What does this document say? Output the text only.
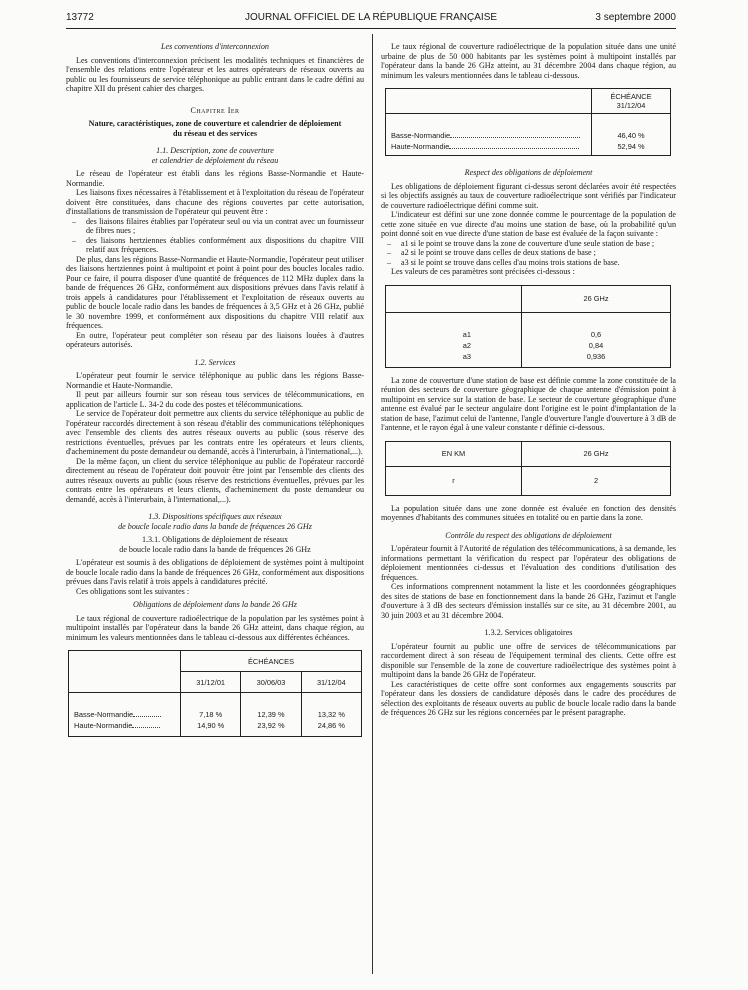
13772	JOURNAL OFFICIEL DE LA RÉPUBLIQUE FRANÇAISE	3 septembre 2000

Les conventions d'interconnexion

Les conventions d'interconnexion précisent les modalités techniques et financières de l'ensemble des relations entre l'opérateur et les autres opérateurs de réseaux ouverts au public ou les fournisseurs de service téléphonique au public entrant dans le cadre défini au chapitre XII du présent cahier des charges.

Chapitre Ier

Nature, caractéristiques, zone de couverture et calendrier de déploiement du réseau et des services

1.1. Description, zone de couverture

et calendrier de déploiement du réseau

Le réseau de l'opérateur est établi dans les régions Basse-Normandie et Haute-Normandie.

Les liaisons fixes nécessaires à l'établissement et à l'exploitation du réseau de l'opérateur doivent être constituées, dans chacune des régions couvertes par cette autorisation, d'installations de transmission de l'opérateur qui peuvent être :

– des liaisons filaires établies par l'opérateur seul ou via un contrat avec un fournisseur de fibres nues ;
– des liaisons hertziennes établies conformément aux dispositions du chapitre VIII relatif aux fréquences.

De plus, dans les régions Basse-Normandie et Haute-Normandie, l'opérateur peut utiliser des liaisons hertziennes point à multipoint et point à point pour des boucles locales radio. Pour ce faire, il pourra disposer d'une quantité de fréquences de 112 MHz duplex dans la bande de fréquences 26 GHz, conformément aux dispositions prévues dans l'avis relatif à trois appels à candidatures pour l'établissement et l'exploitation de réseaux ouverts au public de boucle locale radio dans les bandes de fréquences à 3,5 GHz et à 26 GHz, publié le 30 novembre 1999, et conformément aux dispositions du chapitre VIII relatif aux fréquences.

En outre, l'opérateur peut compléter son réseau par des liaisons louées à d'autres opérateurs autorisés.

1.2. Services

L'opérateur peut fournir le service téléphonique au public dans les régions Basse-Normandie et Haute-Normandie.

Il peut par ailleurs fournir sur son réseau tous services de télécommunications, en application de l'article L. 34-2 du code des postes et télécommunications.

Le service de l'opérateur doit permettre aux clients du service téléphonique au public de l'opérateur raccordés directement à son réseau d'établir des communications téléphoniques avec l'ensemble des clients des autres réseaux ouverts au public (sous réserve des restrictions éventuelles, prévues par les contrats entre les opérateurs et leurs clients, d'acheminement du poste demandeur ou demandé, accès à l'interurbain, à l'international,...).

De la même façon, un client du service téléphonique au public de l'opérateur raccordé directement au réseau de l'opérateur doit pouvoir être joint par l'ensemble des clients des autres réseaux ouverts au public (sous réserve des restrictions éventuelles, prévues par les contrats entre les opérateurs et leurs clients, d'acheminement du poste demandeur ou demandé, accès à l'interurbain, à l'international,...).

1.3. Dispositions spécifiques aux réseaux

de boucle locale radio dans la bande de fréquences 26 GHz

1.3.1. Obligations de déploiement de réseaux

de boucle locale radio dans la bande de fréquences 26 GHz

L'opérateur est soumis à des obligations de déploiement de systèmes point à multipoint de boucle locale radio dans la bande de fréquences 26 GHz, conformément aux dispositions prévues dans l'avis relatif à trois appels à candidatures précité.

Ces obligations sont les suivantes :

Obligations de déploiement dans la bande 26 GHz

Le taux régional de couverture radioélectrique de la population par les systèmes point à multipoint installés par l'opérateur dans la bande 26 GHz atteint, dans chaque région, au minimum les valeurs mentionnées dans le tableau ci-dessous aux différentes échéances.

	ÉCHÉANCES		
	31/12/01	30/06/03	31/12/04

Basse-Normandie	7,18 %	12,39 %	13,32 %
Haute-Normandie	14,90 %	23,92 %	24,86 %

Le taux régional de couverture radioélectrique de la population située dans une unité urbaine de plus de 50 000 habitants par les systèmes point à multipoint installés par l'opérateur dans la bande 26 GHz atteint, au 31 décembre 2004 dans chaque région, au minimum les valeurs mentionnées dans le tableau ci-dessous.

	ÉCHÉANCE
31/12/04

Basse-Normandie	46,40 %
Haute-Normandie	52,94 %

Respect des obligations de déploiement

Les obligations de déploiement figurant ci-dessus seront déclarées avoir été respectées si les objectifs assignés au taux de couverture radioélectrique sont vérifiés par l'indicateur de couverture radioélectrique défini comme suit.

L'indicateur est défini sur une zone donnée comme le pourcentage de la population de cette zone située en vue directe d'au moins une station de base, où la probabilité qu'un point donné soit en vue directe d'une station de base est évaluée de la façon suivante :

– a1 si le point se trouve dans la zone de couverture d'une seule station de base ;
– a2 si le point se trouve dans celles de deux stations de base ;
– a3 si le point se trouve dans celles d'au moins trois stations de base.

Les valeurs de ces paramètres sont précisées ci-dessous :

	26 GHz

a1	0,6
a2	0,84
a3	0,936

La zone de couverture d'une station de base est définie comme la zone constituée de la réunion des secteurs de couverture géographique de chaque antenne d'émission point à multipoint en service sur la station de base. Le secteur de couverture géographique d'une antenne est évalué par le secteur angulaire dont l'origine est le point d'implantation de la station de base, l'azimut celui de l'antenne, l'angle d'ouverture l'angle d'ouverture à 3 dB de l'antenne, et le rayon égal à une valeur constante r définie ci-dessous.

EN KM	26 GHz
r	2

La population située dans une zone donnée est évaluée en fonction des densités moyennes d'habitants des communes situées en totalité ou en partie dans la zone.

Contrôle du respect des obligations de déploiement

L'opérateur fournit à l'Autorité de régulation des télécommunications, à sa demande, les informations permettant la vérification du respect par l'opérateur des obligations de déploiement mentionnées ci-dessus et l'évaluation des conditions d'utilisation des fréquences.

Ces informations comprennent notamment la liste et les coordonnées géographiques des sites de stations de base en fonctionnement dans la bande 26 GHz, l'azimut et l'angle d'ouverture à 3 dB des secteurs d'émission installés sur ce site, au 31 décembre 2001, au 30 juin 2003 et au 31 décembre 2004.

1.3.2. Services obligatoires

L'opérateur fournit au public une offre de services de télécommunications par raccordement direct à son réseau de l'équipement terminal des clients. Cette offre est disponible sur l'ensemble de la zone de couverture radioélectrique des systèmes point à multipoint dans la bande 26 GHz de l'opérateur.

Les caractéristiques de cette offre sont conformes aux engagements souscrits par l'opérateur dans les dossiers de candidature déposés dans le cadre des procédures de sélection des exploitants de réseaux ouverts au public de boucle locale radio dans la bande de fréquences 26 GHz sur les régions concernées par le présent paragraphe.
